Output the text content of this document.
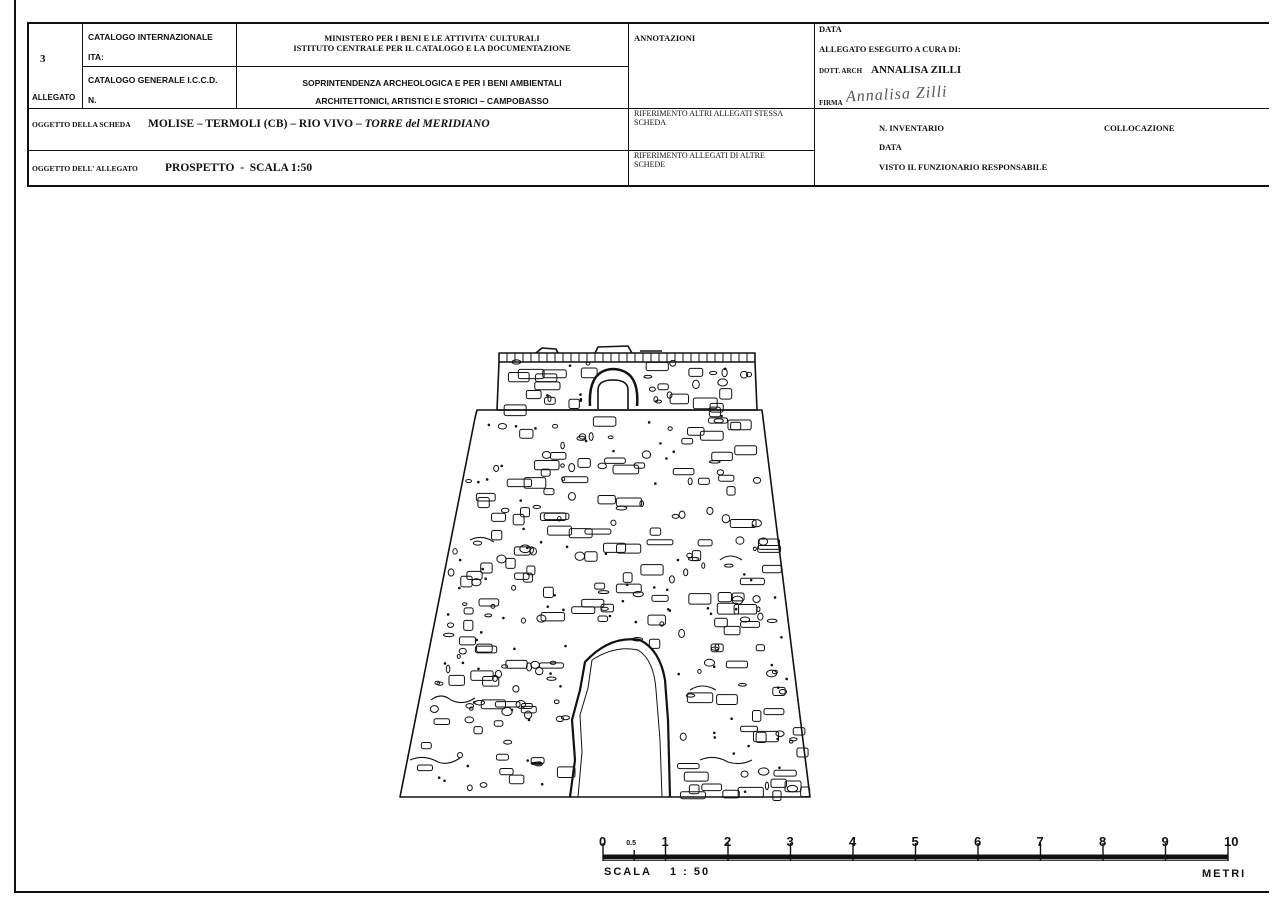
3
ALLEGATO
CATALOGO INTERNAZIONALE
ITA:
CATALOGO GENERALE I.C.C.D.
N.
MINISTERO PER I BENI E LE ATTIVITA' CULTURALI
ISTITUTO CENTRALE PER IL CATALOGO E LA DOCUMENTAZIONE
SOPRINTENDENZA ARCHEOLOGICA E PER I BENI AMBIENTALI
ARCHITETTONICI, ARTISTICI E STORICI – CAMPOBASSO
ANNOTAZIONI
DATA
ALLEGATO ESEGUITO A CURA DI:
DOTT. ARCH ANNALISA ZILLI
FIRMA Annalisa Zilli
OGGETTO DELLA SCHEDA MOLISE – TERMOLI (CB) – RIO VIVO – TORRE del MERIDIANO
RIFERIMENTO ALTRI ALLEGATI STESSA
SCHEDA
N. INVENTARIO	COLLOCAZIONE
DATA
VISTO IL FUNZIONARIO RESPONSABILE
OGGETTO DELL' ALLEGATO PROSPETTO  -  SCALA 1:50
RIFERIMENTO ALLEGATI DI ALTRE
SCHEDE
0	0.5 1	2	3	4	5	6	7	8	9	10
SCALA 1 : 50	METRI
